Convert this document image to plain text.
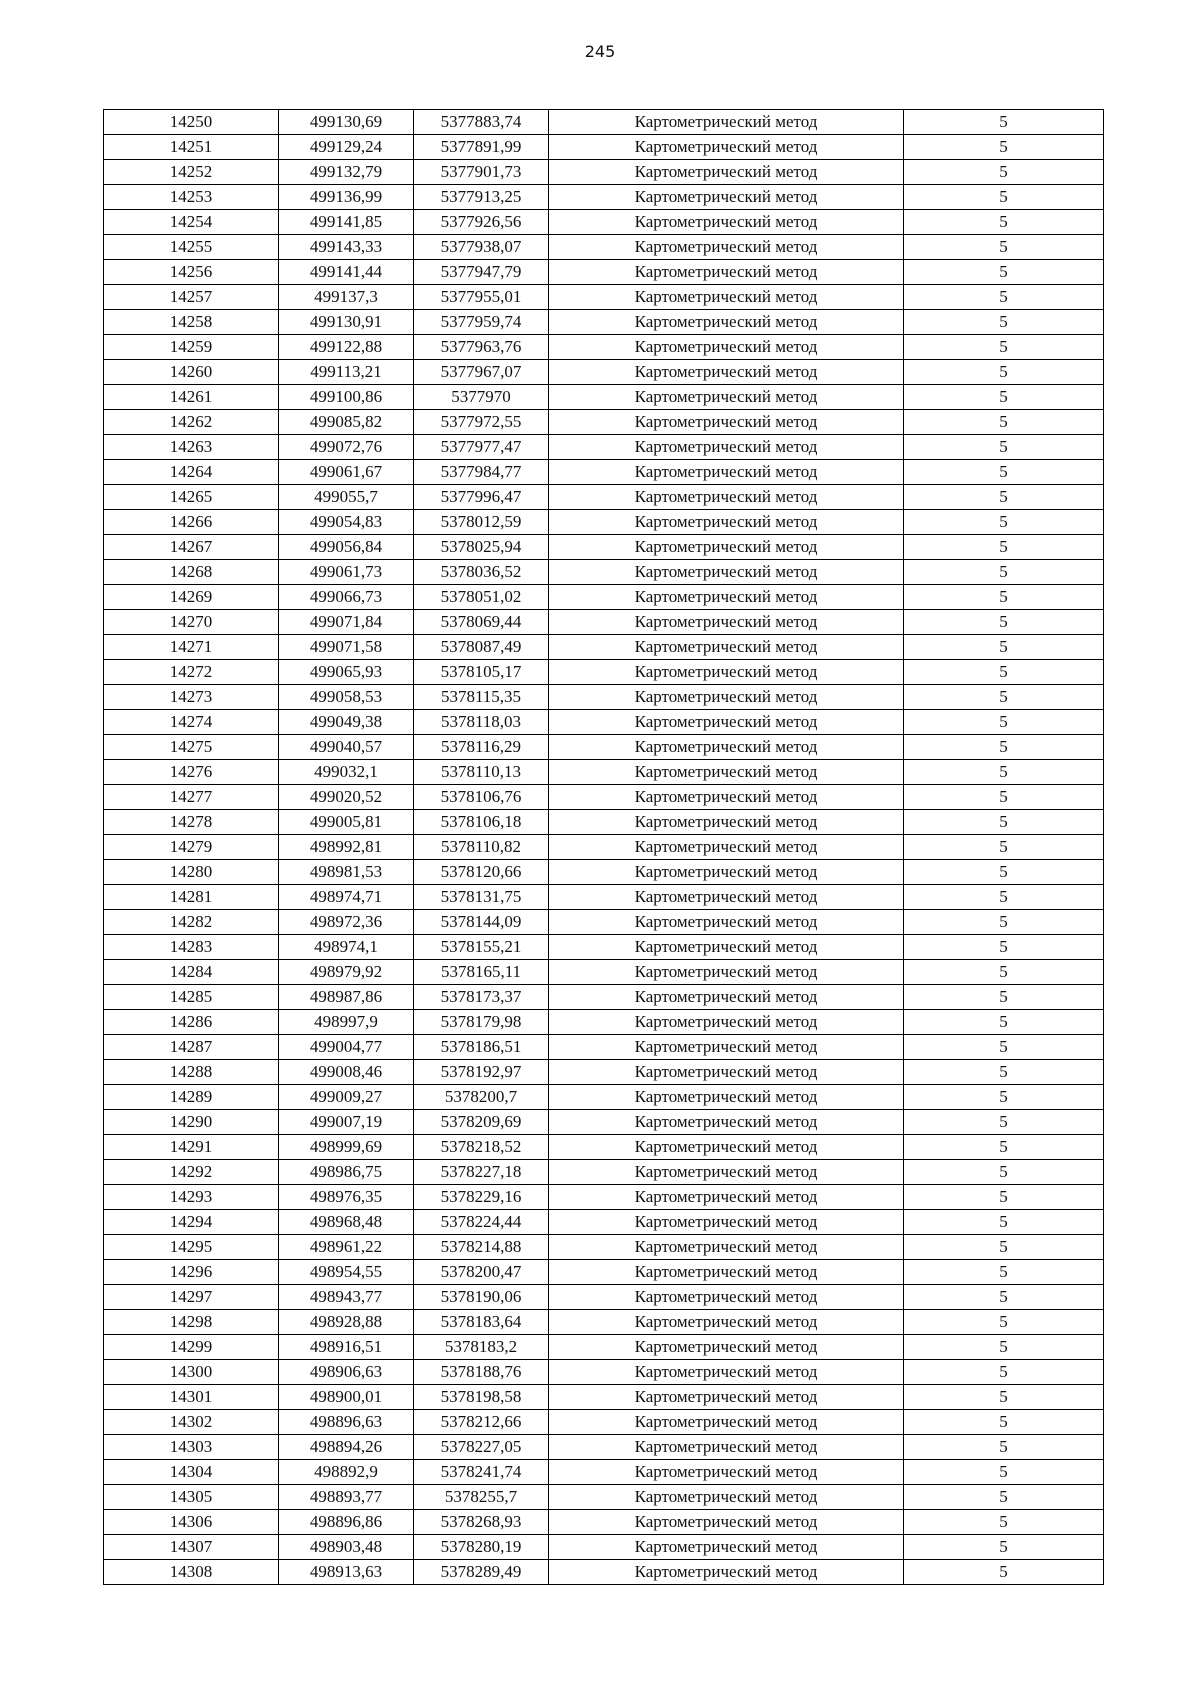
245
14250	499130,69	5377883,74	Картометрический метод	5
14251	499129,24	5377891,99	Картометрический метод	5
14252	499132,79	5377901,73	Картометрический метод	5
14253	499136,99	5377913,25	Картометрический метод	5
14254	499141,85	5377926,56	Картометрический метод	5
14255	499143,33	5377938,07	Картометрический метод	5
14256	499141,44	5377947,79	Картометрический метод	5
14257	499137,3	5377955,01	Картометрический метод	5
14258	499130,91	5377959,74	Картометрический метод	5
14259	499122,88	5377963,76	Картометрический метод	5
14260	499113,21	5377967,07	Картометрический метод	5
14261	499100,86	5377970	Картометрический метод	5
14262	499085,82	5377972,55	Картометрический метод	5
14263	499072,76	5377977,47	Картометрический метод	5
14264	499061,67	5377984,77	Картометрический метод	5
14265	499055,7	5377996,47	Картометрический метод	5
14266	499054,83	5378012,59	Картометрический метод	5
14267	499056,84	5378025,94	Картометрический метод	5
14268	499061,73	5378036,52	Картометрический метод	5
14269	499066,73	5378051,02	Картометрический метод	5
14270	499071,84	5378069,44	Картометрический метод	5
14271	499071,58	5378087,49	Картометрический метод	5
14272	499065,93	5378105,17	Картометрический метод	5
14273	499058,53	5378115,35	Картометрический метод	5
14274	499049,38	5378118,03	Картометрический метод	5
14275	499040,57	5378116,29	Картометрический метод	5
14276	499032,1	5378110,13	Картометрический метод	5
14277	499020,52	5378106,76	Картометрический метод	5
14278	499005,81	5378106,18	Картометрический метод	5
14279	498992,81	5378110,82	Картометрический метод	5
14280	498981,53	5378120,66	Картометрический метод	5
14281	498974,71	5378131,75	Картометрический метод	5
14282	498972,36	5378144,09	Картометрический метод	5
14283	498974,1	5378155,21	Картометрический метод	5
14284	498979,92	5378165,11	Картометрический метод	5
14285	498987,86	5378173,37	Картометрический метод	5
14286	498997,9	5378179,98	Картометрический метод	5
14287	499004,77	5378186,51	Картометрический метод	5
14288	499008,46	5378192,97	Картометрический метод	5
14289	499009,27	5378200,7	Картометрический метод	5
14290	499007,19	5378209,69	Картометрический метод	5
14291	498999,69	5378218,52	Картометрический метод	5
14292	498986,75	5378227,18	Картометрический метод	5
14293	498976,35	5378229,16	Картометрический метод	5
14294	498968,48	5378224,44	Картометрический метод	5
14295	498961,22	5378214,88	Картометрический метод	5
14296	498954,55	5378200,47	Картометрический метод	5
14297	498943,77	5378190,06	Картометрический метод	5
14298	498928,88	5378183,64	Картометрический метод	5
14299	498916,51	5378183,2	Картометрический метод	5
14300	498906,63	5378188,76	Картометрический метод	5
14301	498900,01	5378198,58	Картометрический метод	5
14302	498896,63	5378212,66	Картометрический метод	5
14303	498894,26	5378227,05	Картометрический метод	5
14304	498892,9	5378241,74	Картометрический метод	5
14305	498893,77	5378255,7	Картометрический метод	5
14306	498896,86	5378268,93	Картометрический метод	5
14307	498903,48	5378280,19	Картометрический метод	5
14308	498913,63	5378289,49	Картометрический метод	5
